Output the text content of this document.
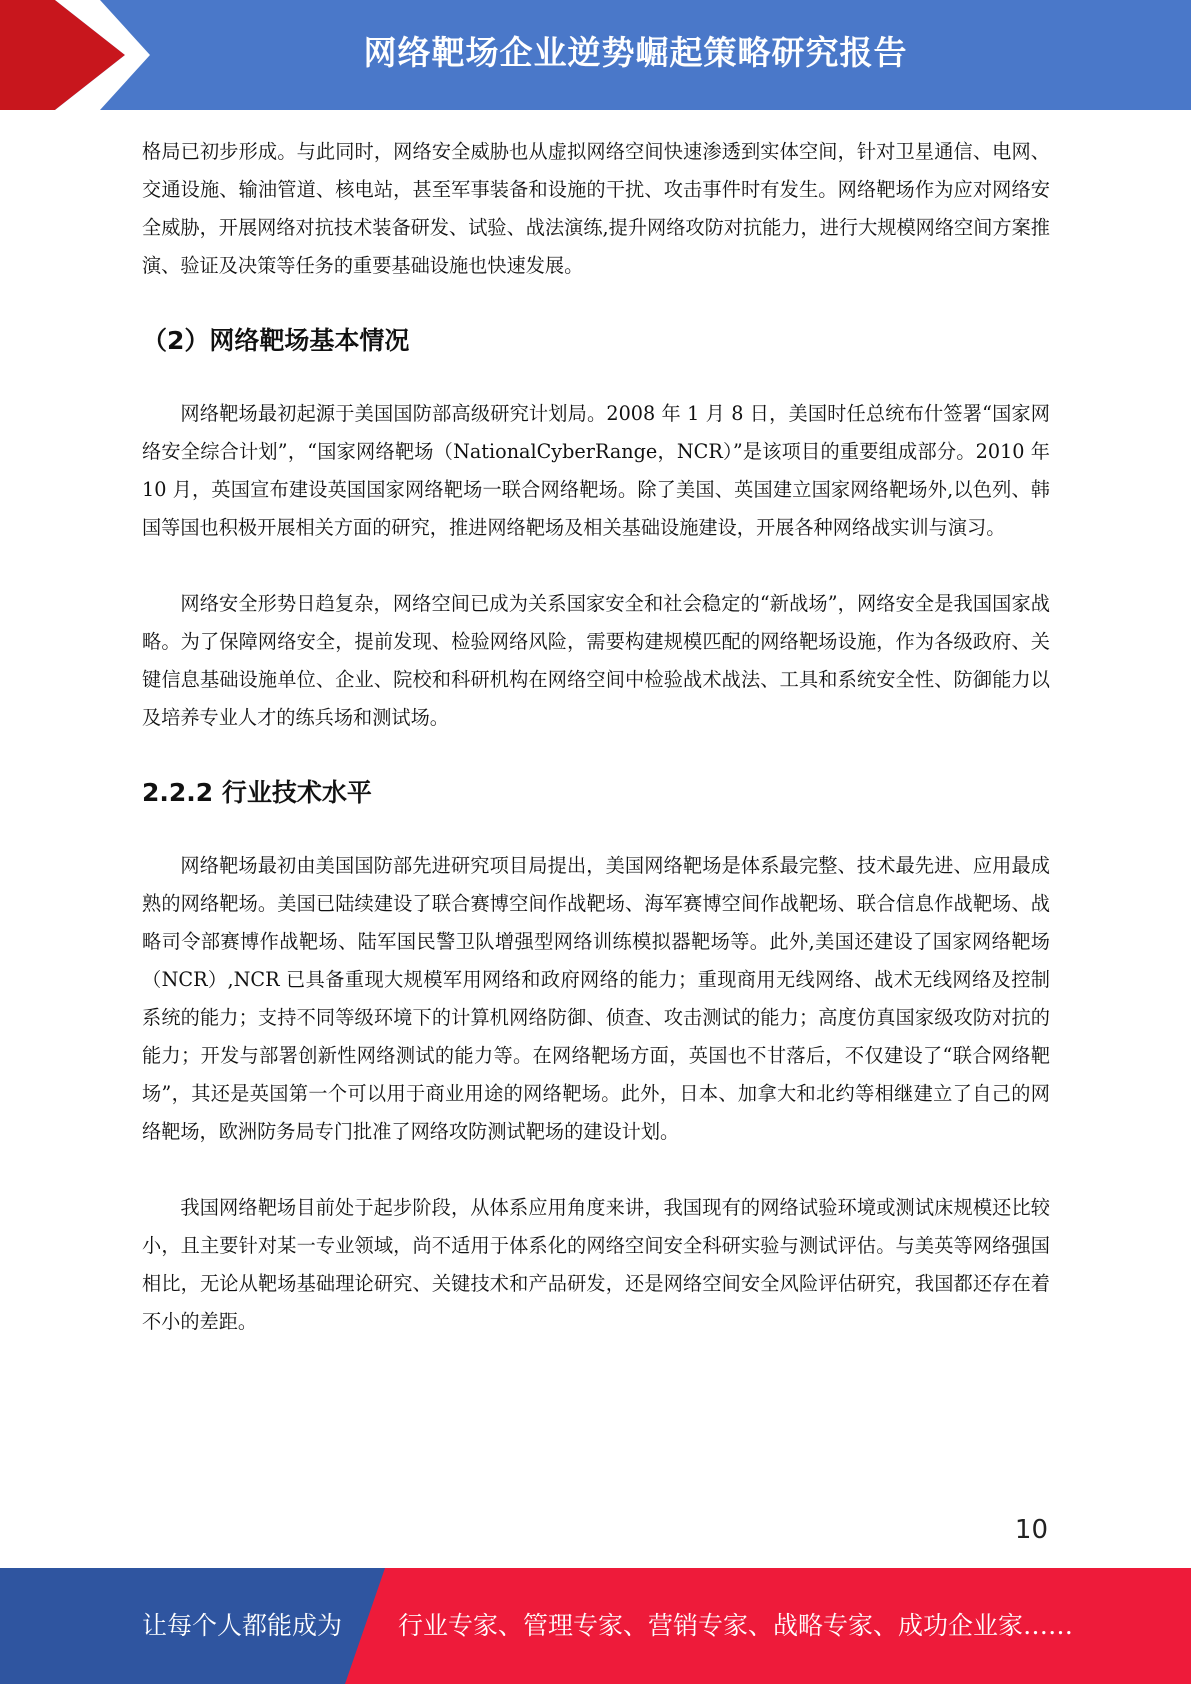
网络靶场企业逆势崛起策略研究报告

格局已初步形成。与此同时，网络安全威胁也从虚拟网络空间快速渗透到实体空间，针对卫星通信、电网、交通设施、输油管道、核电站，甚至军事装备和设施的干扰、攻击事件时有发生。网络靶场作为应对网络安全威胁，开展网络对抗技术装备研发、试验、战法演练,提升网络攻防对抗能力，进行大规模网络空间方案推演、验证及决策等任务的重要基础设施也快速发展。

（2）网络靶场基本情况

网络靶场最初起源于美国国防部高级研究计划局。2008 年 1 月 8 日，美国时任总统布什签署“国家网络安全综合计划”，“国家网络靶场（NationalCyberRange，NCR）”是该项目的重要组成部分。2010 年 10 月，英国宣布建设英国国家网络靶场一联合网络靶场。除了美国、英国建立国家网络靶场外,以色列、韩国等国也积极开展相关方面的研究，推进网络靶场及相关基础设施建设，开展各种网络战实训与演习。

网络安全形势日趋复杂，网络空间已成为关系国家安全和社会稳定的“新战场”，网络安全是我国国家战略。为了保障网络安全，提前发现、检验网络风险，需要构建规模匹配的网络靶场设施，作为各级政府、关键信息基础设施单位、企业、院校和科研机构在网络空间中检验战术战法、工具和系统安全性、防御能力以及培养专业人才的练兵场和测试场。

2.2.2 行业技术水平

网络靶场最初由美国国防部先进研究项目局提出，美国网络靶场是体系最完整、技术最先进、应用最成熟的网络靶场。美国已陆续建设了联合赛博空间作战靶场、海军赛博空间作战靶场、联合信息作战靶场、战略司令部赛博作战靶场、陆军国民警卫队增强型网络训练模拟器靶场等。此外,美国还建设了国家网络靶场（NCR）,NCR 已具备重现大规模军用网络和政府网络的能力；重现商用无线网络、战术无线网络及控制系统的能力；支持不同等级环境下的计算机网络防御、侦查、攻击测试的能力；高度仿真国家级攻防对抗的能力；开发与部署创新性网络测试的能力等。在网络靶场方面，英国也不甘落后，不仅建设了“联合网络靶场”，其还是英国第一个可以用于商业用途的网络靶场。此外，日本、加拿大和北约等相继建立了自己的网络靶场，欧洲防务局专门批准了网络攻防测试靶场的建设计划。

我国网络靶场目前处于起步阶段，从体系应用角度来讲，我国现有的网络试验环境或测试床规模还比较小，且主要针对某一专业领域，尚不适用于体系化的网络空间安全科研实验与测试评估。与美英等网络强国相比，无论从靶场基础理论研究、关键技术和产品研发，还是网络空间安全风险评估研究，我国都还存在着不小的差距。

10
让每个人都能成为 行业专家、管理专家、营销专家、战略专家、成功企业家……
